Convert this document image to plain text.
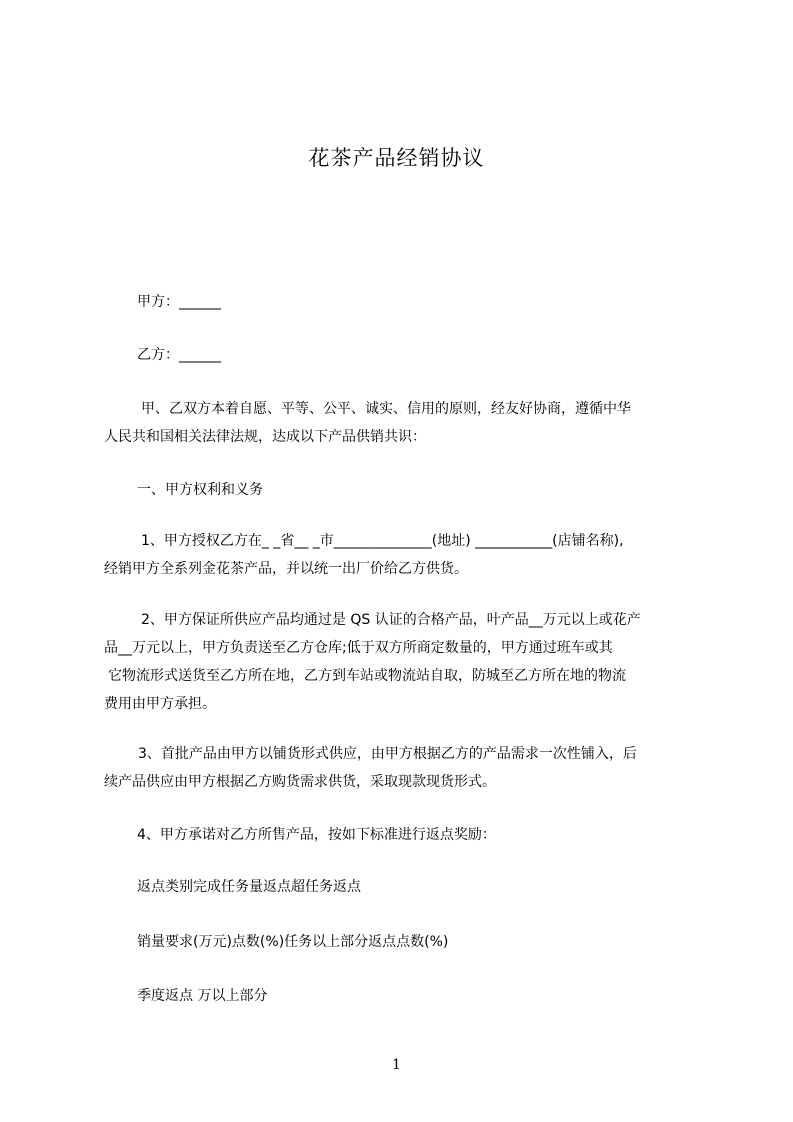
花茶产品经销协议
甲方：______
乙方：______
甲、乙双方本着自愿、平等、公平、诚实、信用的原则，经友好协商，遵循中华
人民共和国相关法律法规，达成以下产品供销共识：
一、甲方权利和义务
1、甲方授权乙方在_ _省__ _市______________(地址) ___________(店铺名称),
经销甲方全系列金花茶产品，并以统一出厂价给乙方供货。
2、甲方保证所供应产品均通过是 QS 认证的合格产品，叶产品__万元以上或花产
品__万元以上，甲方负责送至乙方仓库;低于双方所商定数量的，甲方通过班车或其
它物流形式送货至乙方所在地，乙方到车站或物流站自取，防城至乙方所在地的物流
费用由甲方承担。
3、首批产品由甲方以铺货形式供应，由甲方根据乙方的产品需求一次性铺入，后
续产品供应由甲方根据乙方购货需求供货，采取现款现货形式。
4、甲方承诺对乙方所售产品，按如下标准进行返点奖励：
返点类别完成任务量返点超任务返点
销量要求(万元)点数(%)任务以上部分返点点数(%)
季度返点 万以上部分
1
